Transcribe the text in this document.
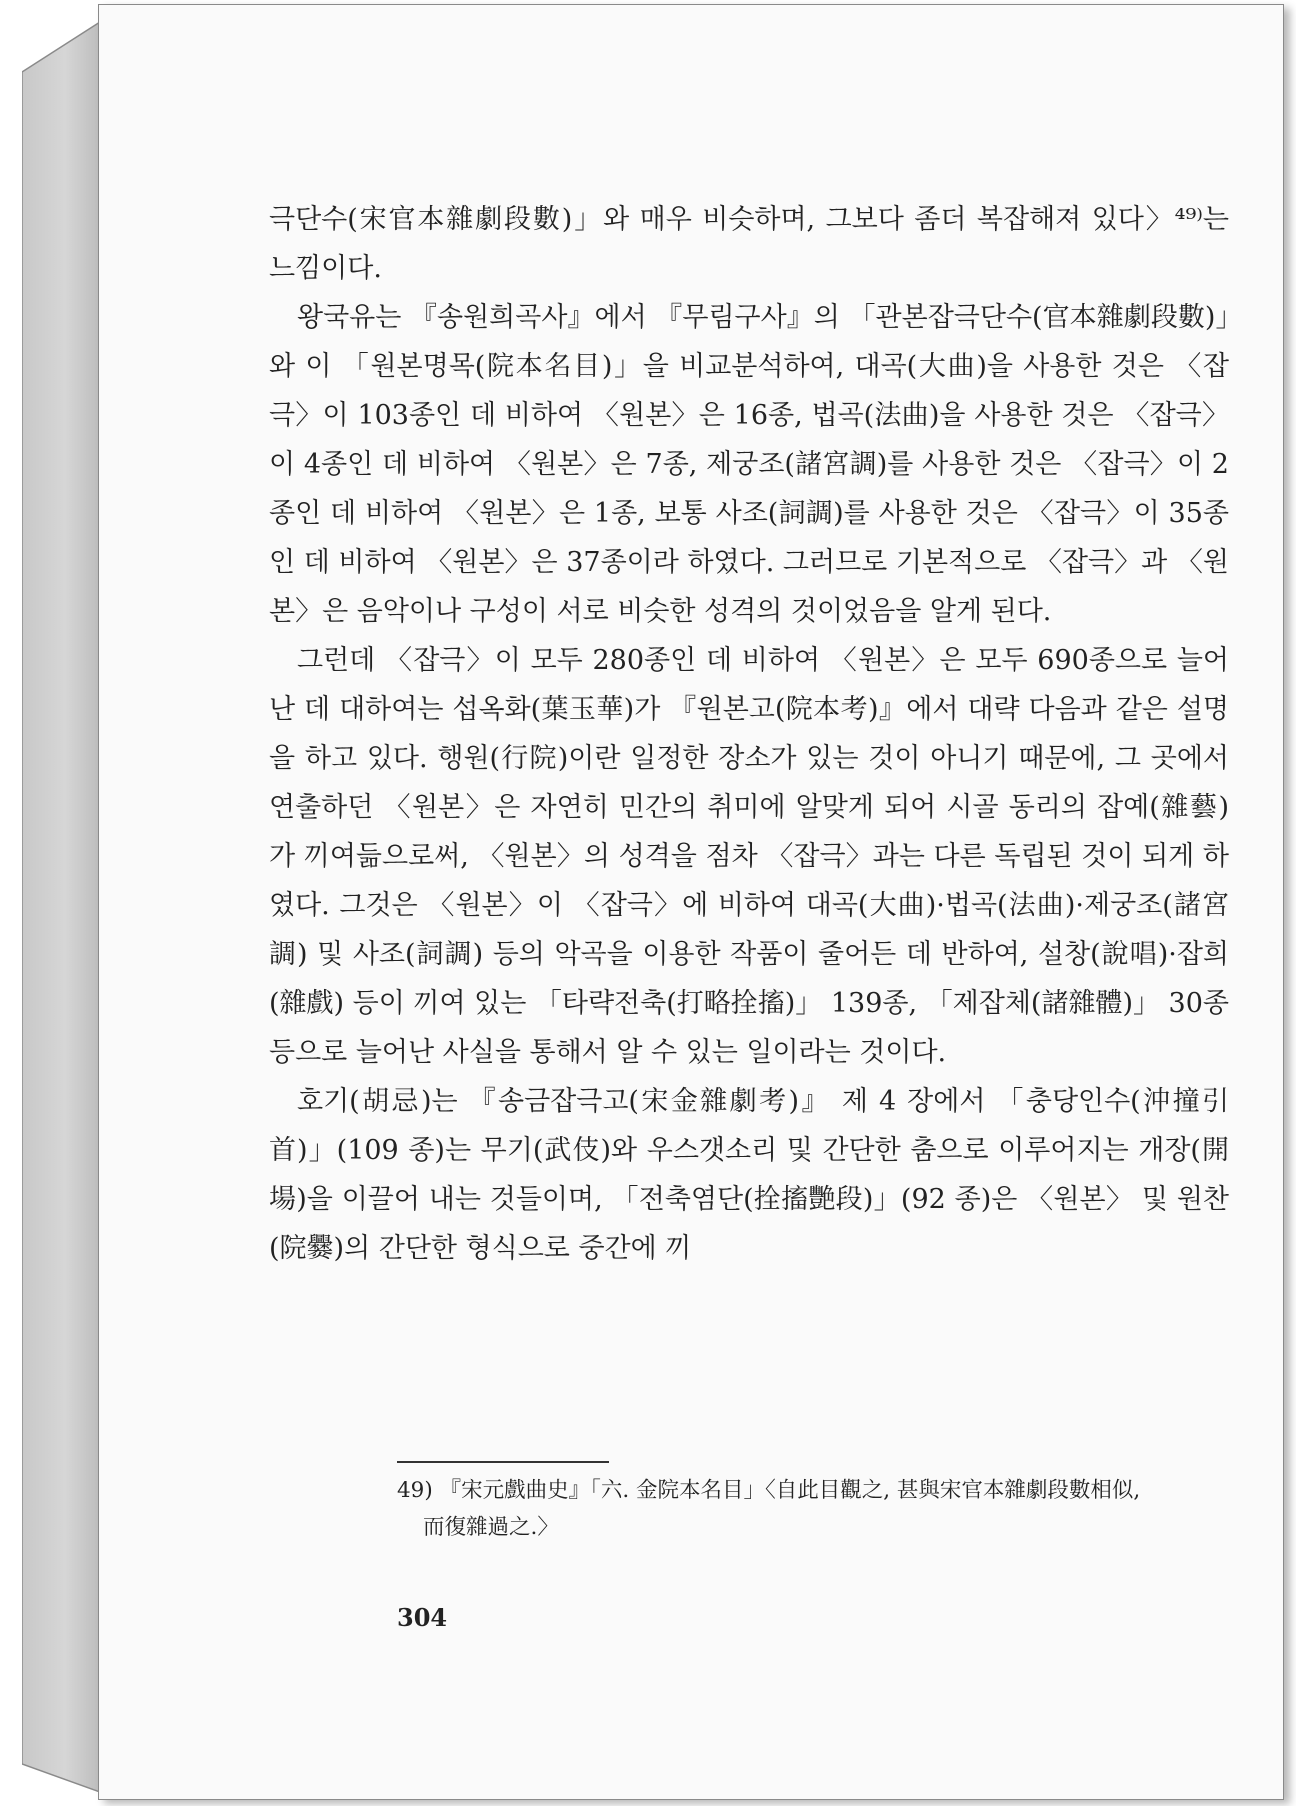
극단수(宋官本雜劇段數)」와 매우 비슷하며, 그보다 좀더 복잡해져 있다〉⁴⁹⁾는 느낌이다.

왕국유는 『송원희곡사』에서 『무림구사』의 「관본잡극단수(官本雜劇段數)」와 이 「원본명목(院本名目)」을 비교분석하여, 대곡(大曲)을 사용한 것은 〈잡극〉이 103종인 데 비하여 〈원본〉은 16종, 법곡(法曲)을 사용한 것은 〈잡극〉이 4종인 데 비하여 〈원본〉은 7종, 제궁조(諸宮調)를 사용한 것은 〈잡극〉이 2종인 데 비하여 〈원본〉은 1종, 보통 사조(詞調)를 사용한 것은 〈잡극〉이 35종인 데 비하여 〈원본〉은 37종이라 하였다. 그러므로 기본적으로 〈잡극〉과 〈원본〉은 음악이나 구성이 서로 비슷한 성격의 것이었음을 알게 된다.

그런데 〈잡극〉이 모두 280종인 데 비하여 〈원본〉은 모두 690종으로 늘어난 데 대하여는 섭옥화(葉玉華)가 『원본고(院本考)』에서 대략 다음과 같은 설명을 하고 있다. 행원(行院)이란 일정한 장소가 있는 것이 아니기 때문에, 그 곳에서 연출하던 〈원본〉은 자연히 민간의 취미에 알맞게 되어 시골 동리의 잡예(雜藝)가 끼여듦으로써, 〈원본〉의 성격을 점차 〈잡극〉과는 다른 독립된 것이 되게 하였다. 그것은 〈원본〉이 〈잡극〉에 비하여 대곡(大曲)·법곡(法曲)·제궁조(諸宮調) 및 사조(詞調) 등의 악곡을 이용한 작품이 줄어든 데 반하여, 설창(說唱)·잡희(雜戲) 등이 끼여 있는 「타략전축(打略拴搐)」 139종, 「제잡체(諸雜體)」 30종 등으로 늘어난 사실을 통해서 알 수 있는 일이라는 것이다.

호기(胡忌)는 『송금잡극고(宋金雜劇考)』 제 4 장에서 「충당인수(沖撞引首)」(109 종)는 무기(武伎)와 우스갯소리 및 간단한 춤으로 이루어지는 개장(開場)을 이끌어 내는 것들이며, 「전축염단(拴搐艷段)」(92 종)은 〈원본〉 및 원찬(院爨)의 간단한 형식으로 중간에 끼

49) 『宋元戲曲史』「六. 金院本名目」〈自此目觀之, 甚與宋官本雜劇段數相似,
而復雜過之.〉
304
